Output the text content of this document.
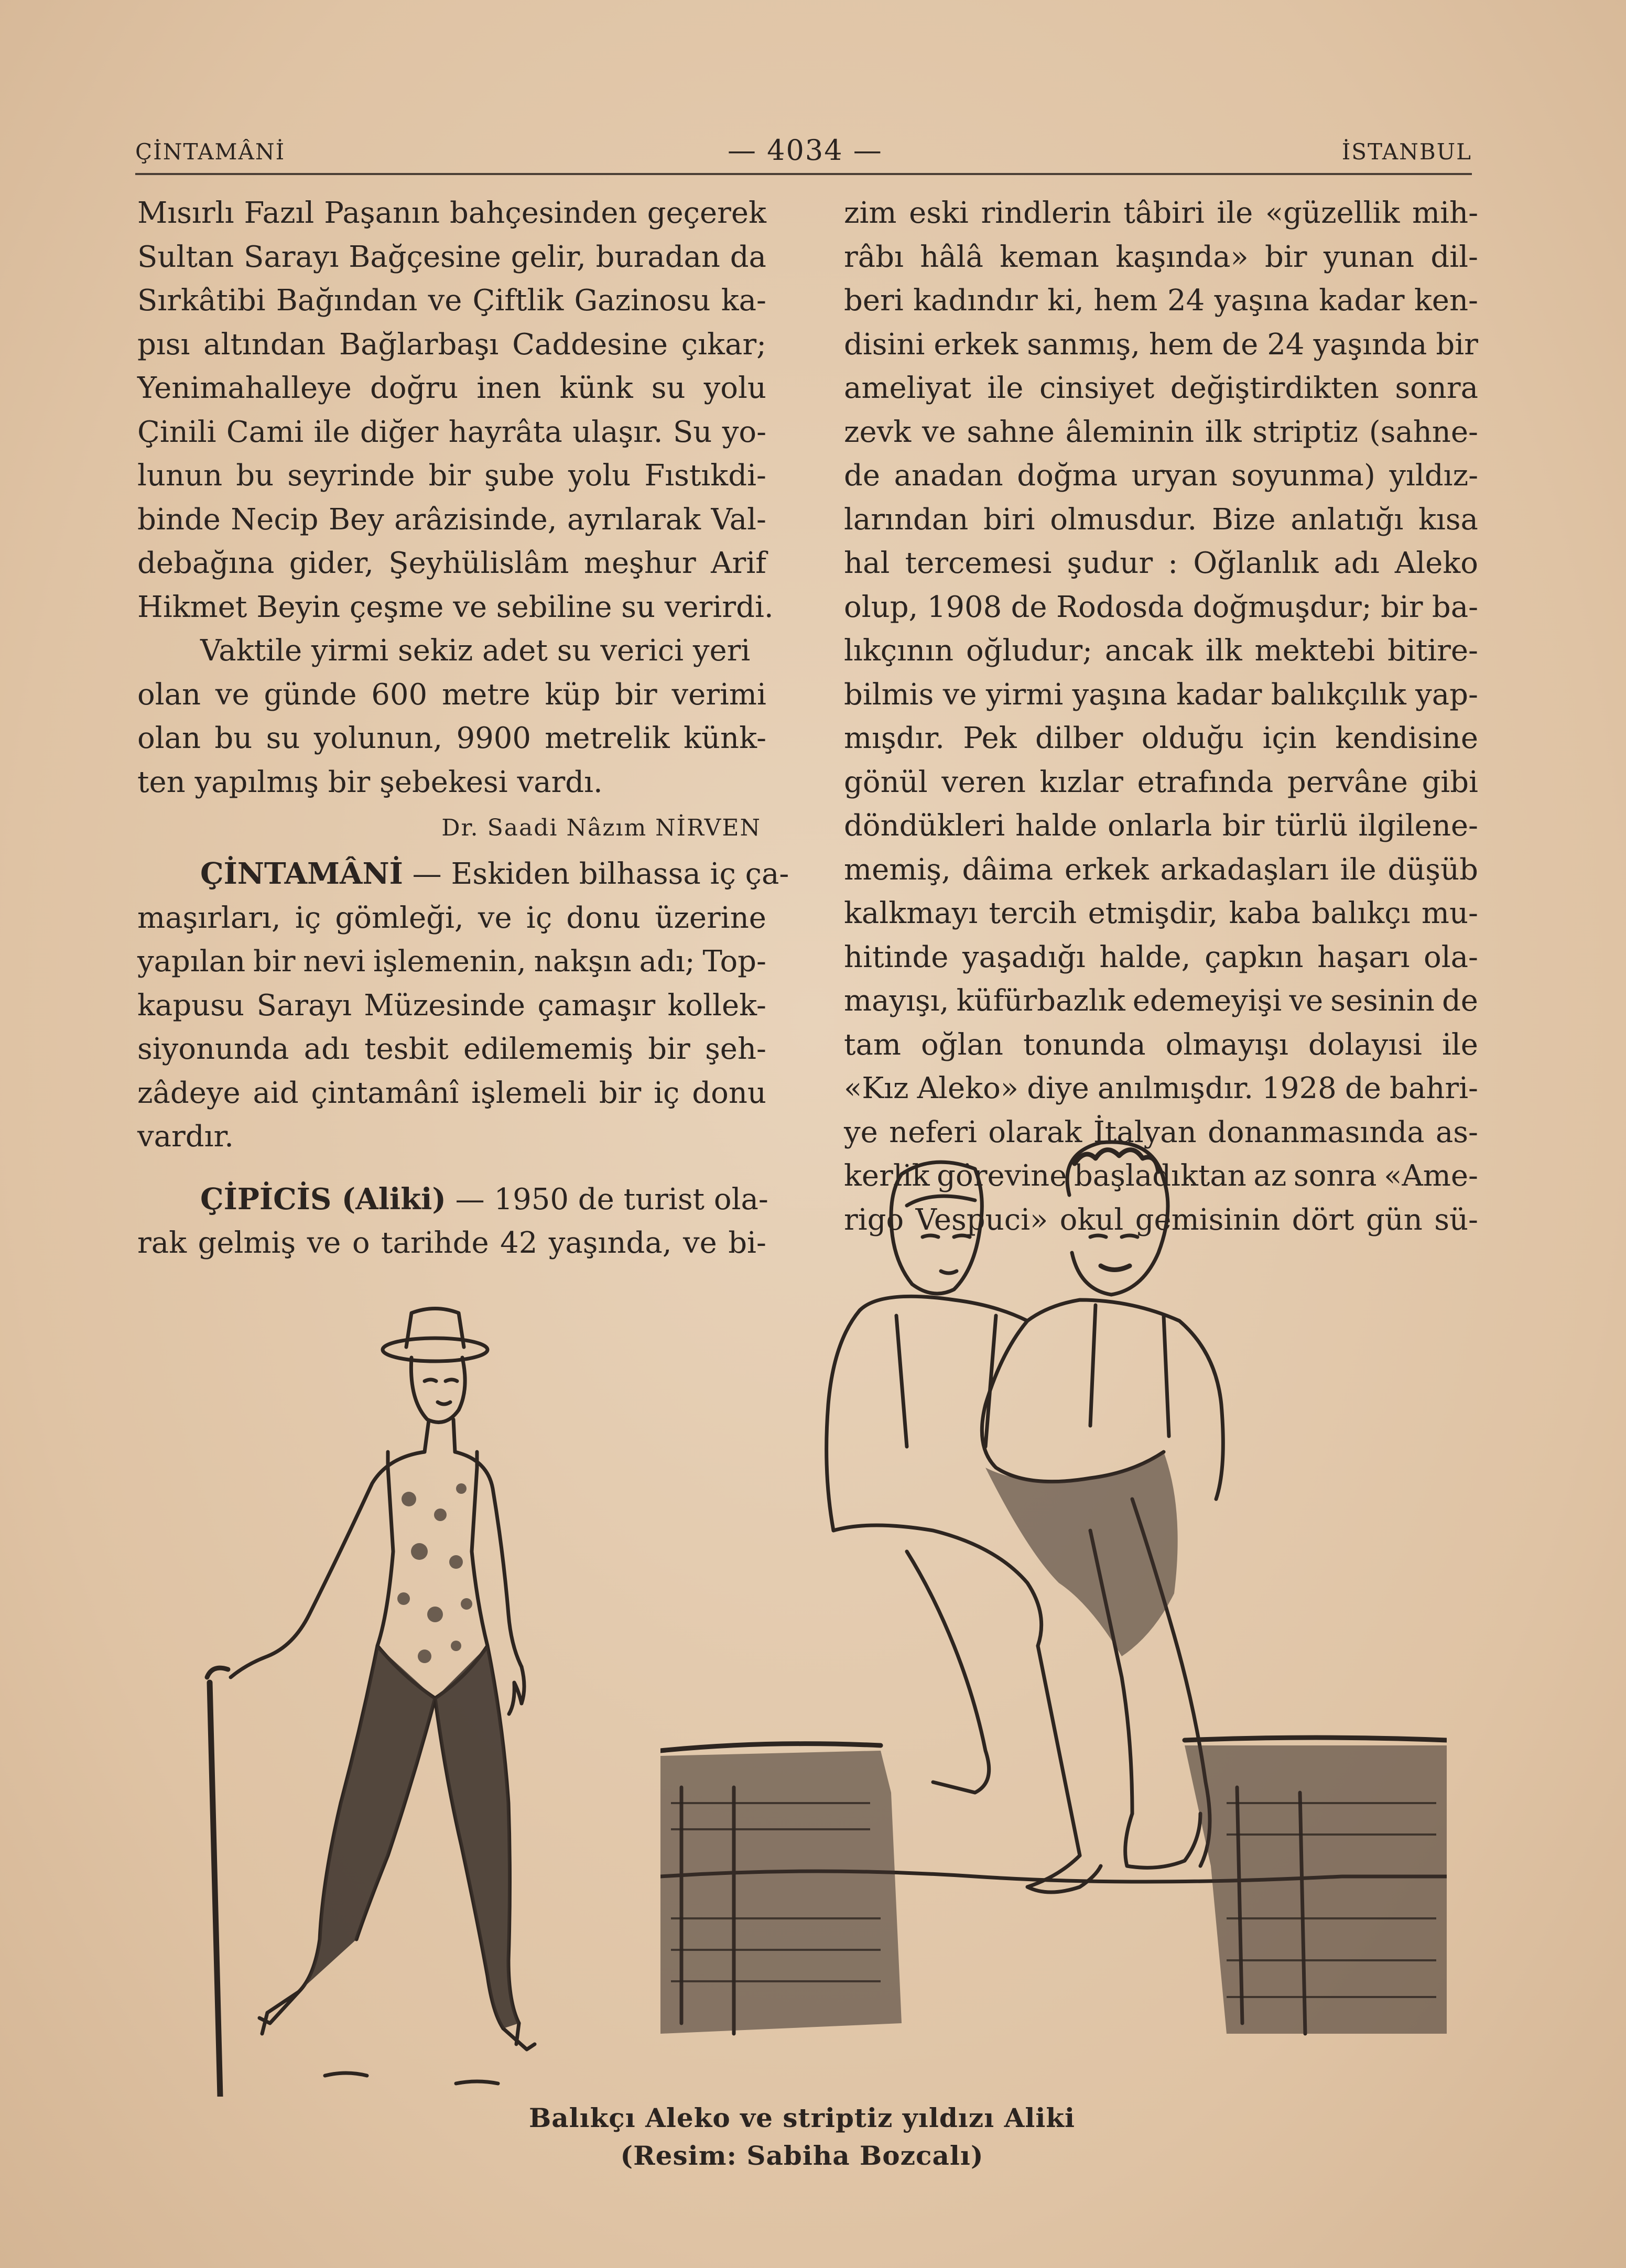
ÇİNTAMÂNİ	— 4034 —	İSTANBUL
Mısırlı Fazıl Paşanın bahçesinden geçerek
Sultan Sarayı Bağçesine gelir, buradan da
Sırkâtibi Bağından ve Çiftlik Gazinosu ka-
pısı altından Bağlarbaşı Caddesine çıkar;
Yenimahalleye doğru inen künk su yolu
Çinili Cami ile diğer hayrâta ulaşır. Su yo-
lunun bu seyrinde bir şube yolu Fıstıkdi-
binde Necip Bey arâzisinde, ayrılarak Val-
debağına gider, Şeyhülislâm meşhur Arif
Hikmet Beyin çeşme ve sebiline su verirdi.
Vaktile yirmi sekiz adet su verici yeri
olan ve günde 600 metre küp bir verimi
olan bu su yolunun, 9900 metrelik künk-
ten yapılmış bir şebekesi vardı.
Dr. Saadi Nâzım NİRVEN
ÇİNTAMÂNİ — Eskiden bilhassa iç ça-
maşırları, iç gömleği, ve iç donu üzerine
yapılan bir nevi işlemenin, nakşın adı; Top-
kapusu Sarayı Müzesinde çamaşır kollek-
siyonunda adı tesbit edilememiş bir şeh-
zâdeye aid çintamânî işlemeli bir iç donu
vardır.
ÇİPİCİS (Aliki) — 1950 de turist ola-
rak gelmiş ve o tarihde 42 yaşında, ve bi-
zim eski rindlerin tâbiri ile «güzellik mih-
râbı hâlâ keman kaşında» bir yunan dil-
beri kadındır ki, hem 24 yaşına kadar ken-
disini erkek sanmış, hem de 24 yaşında bir
ameliyat ile cinsiyet değiştirdikten sonra
zevk ve sahne âleminin ilk striptiz (sahne-
de anadan doğma uryan soyunma) yıldız-
larından biri olmusdur. Bize anlatığı kısa
hal tercemesi şudur : Oğlanlık adı Aleko
olup, 1908 de Rodosda doğmuşdur; bir ba-
lıkçının oğludur; ancak ilk mektebi bitire-
bilmis ve yirmi yaşına kadar balıkçılık yap-
mışdır. Pek dilber olduğu için kendisine
gönül veren kızlar etrafında pervâne gibi
döndükleri halde onlarla bir türlü ilgilene-
memiş, dâima erkek arkadaşları ile düşüb
kalkmayı tercih etmişdir, kaba balıkçı mu-
hitinde yaşadığı halde, çapkın haşarı ola-
mayışı, küfürbazlık edemeyişi ve sesinin de
tam oğlan tonunda olmayışı dolayısi ile
«Kız Aleko» diye anılmışdır. 1928 de bahri-
ye neferi olarak İtalyan donanmasında as-
kerlik görevine başladıktan az sonra «Ame-
rigo Vespuci» okul gemisinin dört gün sü-
Balıkçı Aleko ve striptiz yıldızı Aliki
(Resim: Sabiha Bozcalı)
